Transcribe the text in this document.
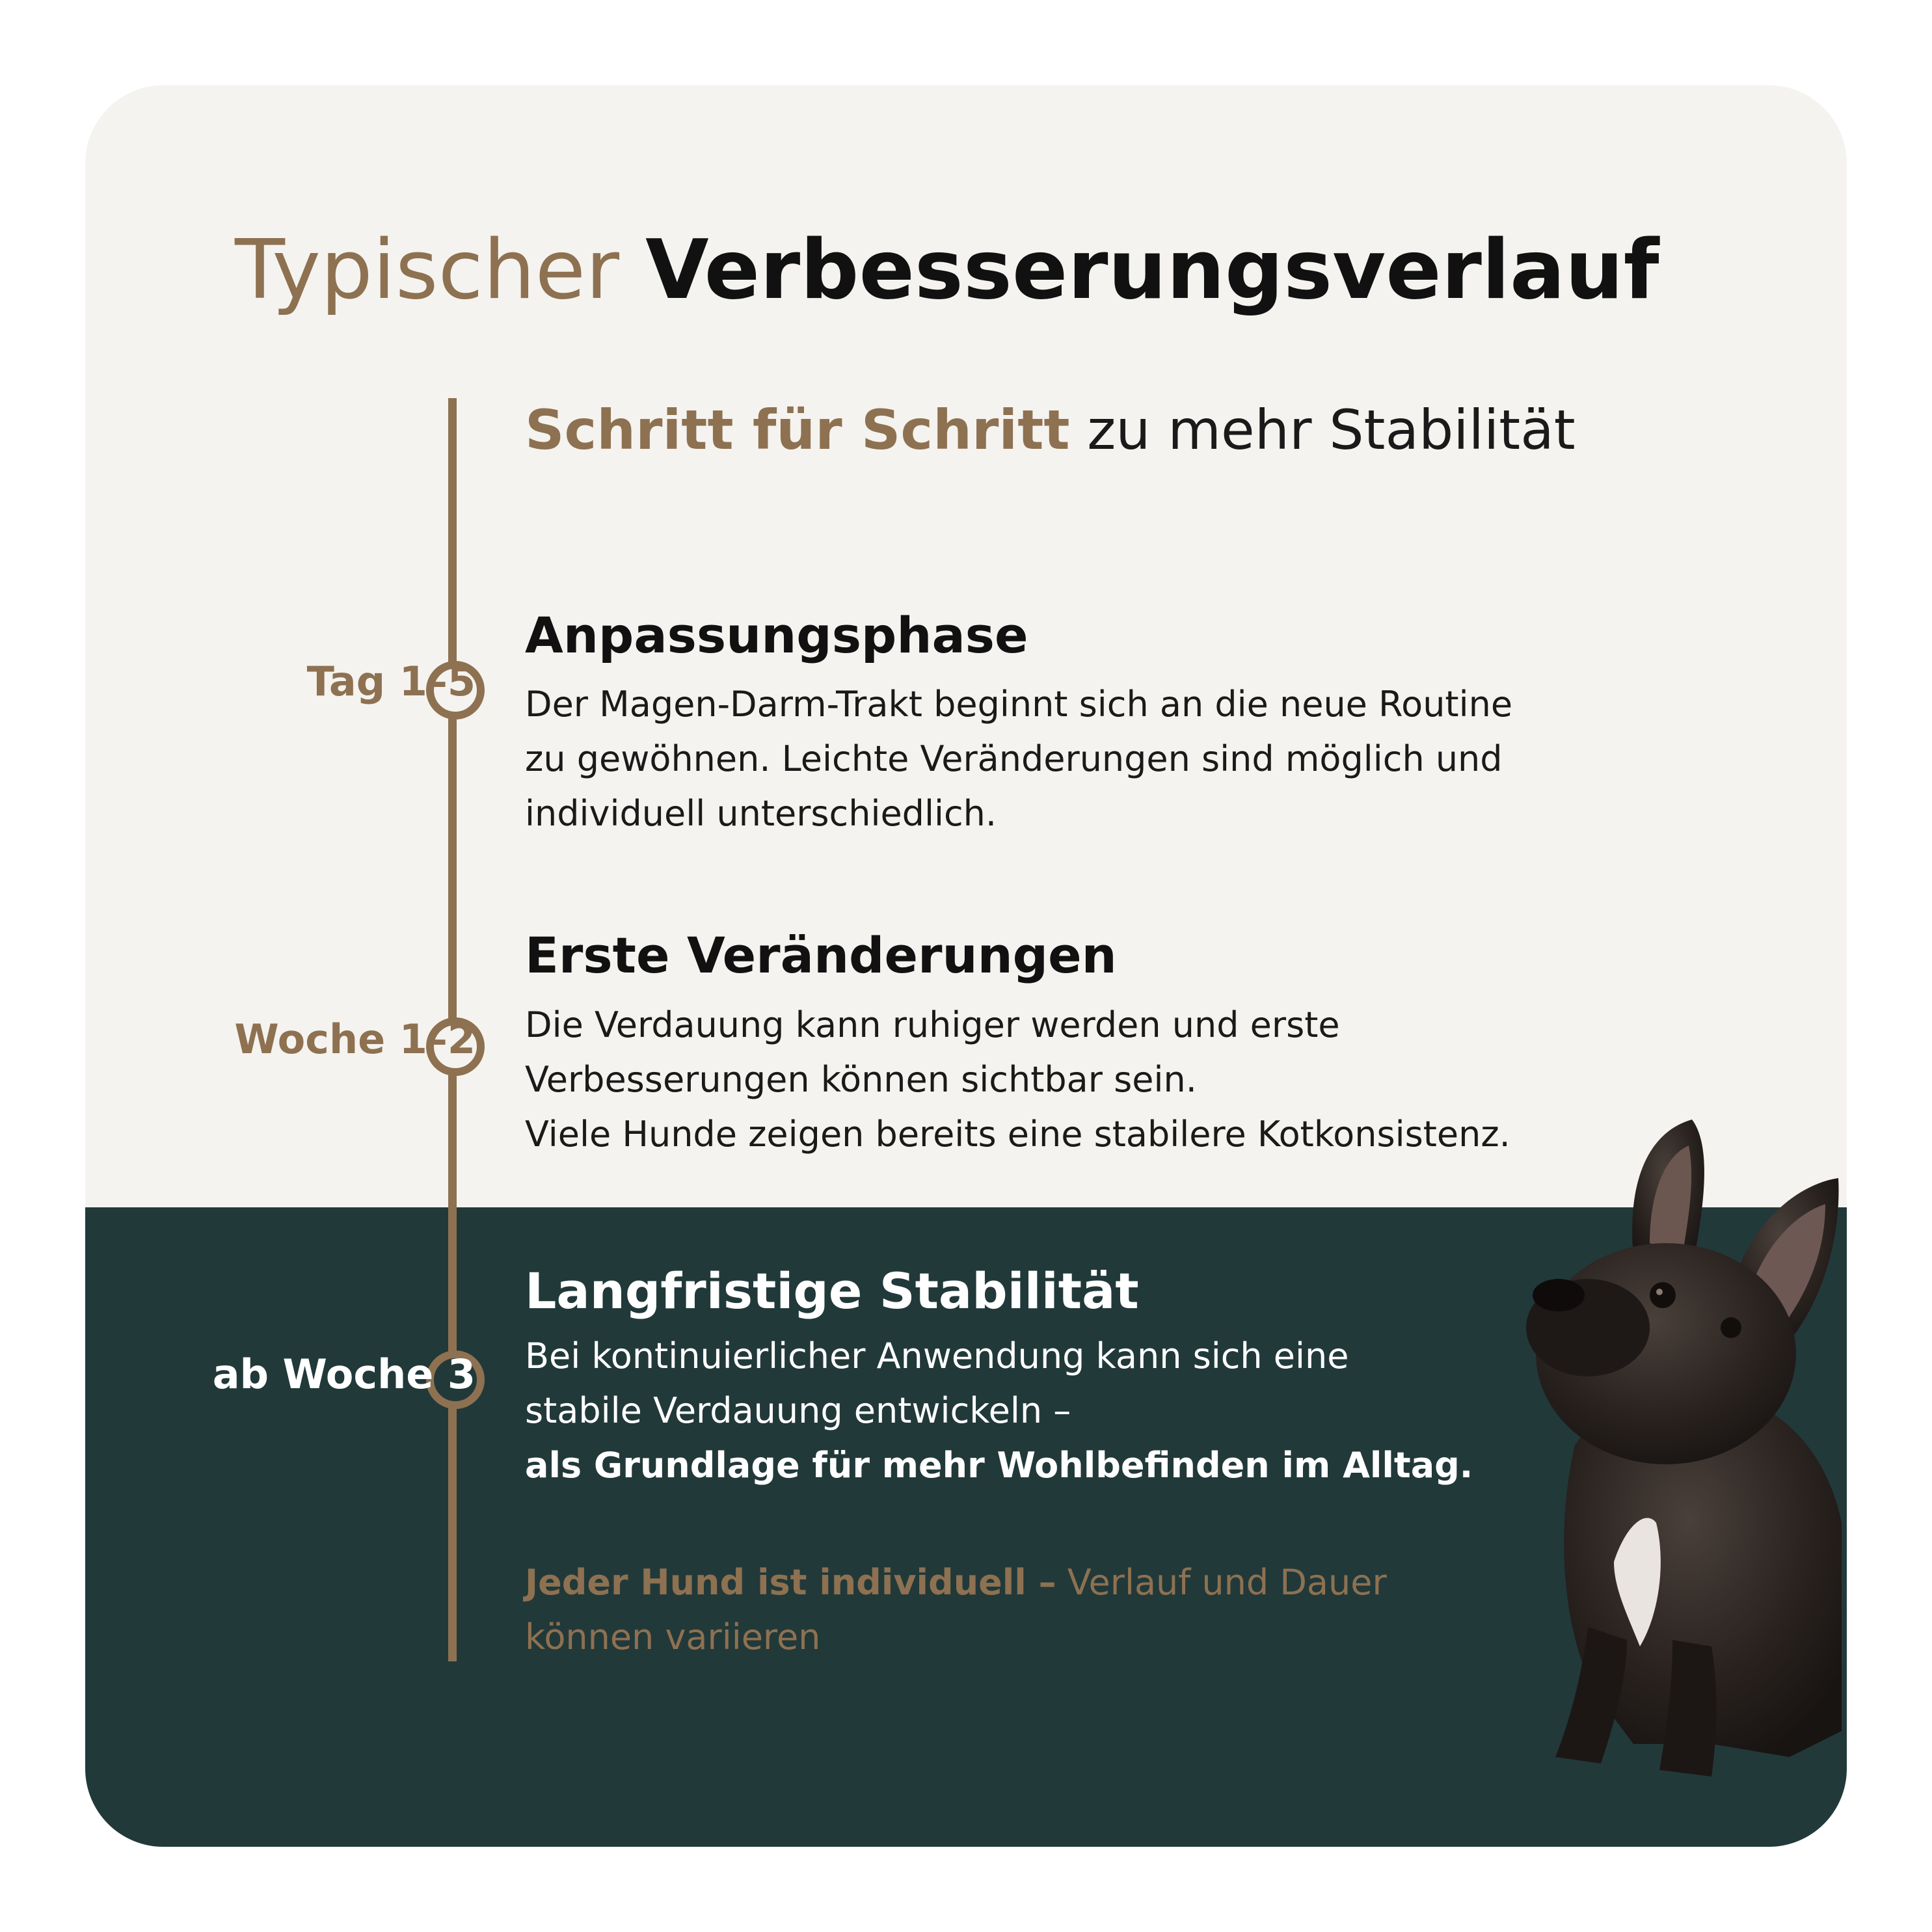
Typischer Verbesserungsverlauf
Schritt für Schritt zu mehr Stabilität
Tag 1–5
Anpassungsphase

Der Magen-Darm-Trakt beginnt sich an die neue Routine
zu gewöhnen. Leichte Veränderungen sind möglich und
individuell unterschiedlich.

Woche 1–2
Erste Veränderungen

Die Verdauung kann ruhiger werden und erste
Verbesserungen können sichtbar sein.
Viele Hunde zeigen bereits eine stabilere Kotkonsistenz.

ab Woche 3
Langfristige Stabilität

Bei kontinuierlicher Anwendung kann sich eine
stabile Verdauung entwickeln –
als Grundlage für mehr Wohlbefinden im Alltag.

Jeder Hund ist individuell – Verlauf und Dauer
können variieren
